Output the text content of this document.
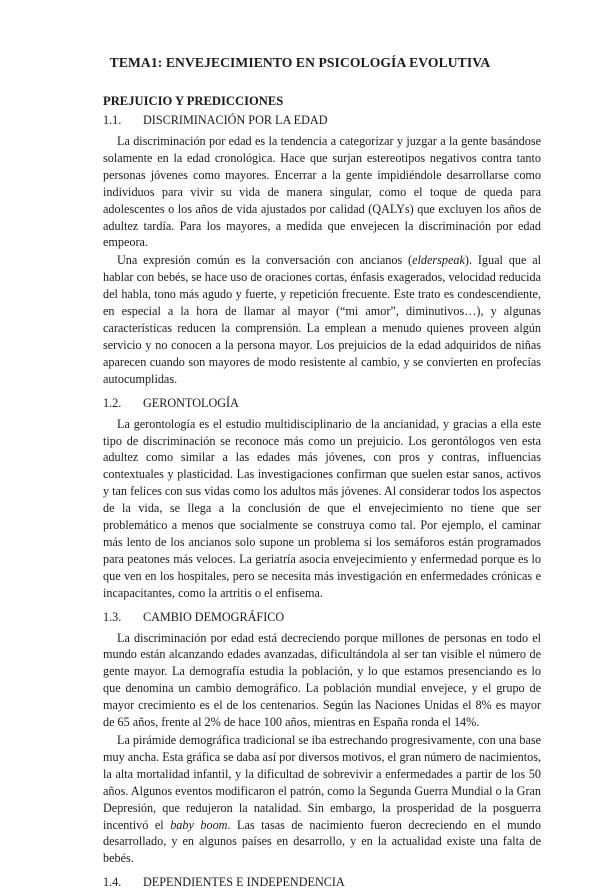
TEMA1: ENVEJECIMIENTO EN PSICOLOGÍA EVOLUTIVA
PREJUICIO Y PREDICCIONES
1.1. DISCRIMINACIÓN POR LA EDAD

La discriminación por edad es la tendencia a categorizar y juzgar a la gente basándose solamente en la edad cronológica. Hace que surjan estereotipos negativos contra tanto personas jóvenes como mayores. Encerrar a la gente impidiéndole desarrollarse como individuos para vivir su vida de manera singular, como el toque de queda para adolescentes o los años de vida ajustados por calidad (QALYs) que excluyen los años de adultez tardía. Para los mayores, a medida que envejecen la discriminación por edad empeora.

Una expresión común es la conversación con ancianos (elderspeak). Igual que al hablar con bebés, se hace uso de oraciones cortas, énfasis exagerados, velocidad reducida del habla, tono más agudo y fuerte, y repetición frecuente. Este trato es condescendiente, en especial a la hora de llamar al mayor (“mi amor”, diminutivos…), y algunas características reducen la comprensión. La emplean a menudo quienes proveen algún servicio y no conocen a la persona mayor. Los prejuicios de la edad adquiridos de niñas aparecen cuando son mayores de modo resistente al cambio, y se convierten en profecías autocumplidas.

1.2. GERONTOLOGÍA

La gerontología es el estudio multidisciplinario de la ancianidad, y gracias a ella este tipo de discriminación se reconoce más como un prejuicio. Los gerontólogos ven esta adultez como similar a las edades más jóvenes, con pros y contras, influencias contextuales y plasticidad. Las investigaciones confirman que suelen estar sanos, activos y tan felices con sus vidas como los adultos más jóvenes. Al considerar todos los aspectos de la vida, se llega a la conclusión de que el envejecimiento no tiene que ser problemático a menos que socialmente se construya como tal. Por ejemplo, el caminar más lento de los ancianos solo supone un problema si los semáforos están programados para peatones más veloces. La geriatría asocia envejecimiento y enfermedad porque es lo que ven en los hospitales, pero se necesita más investigación en enfermedades crónicas e incapacitantes, como la artritis o el enfisema.

1.3. CAMBIO DEMOGRÁFICO

La discriminación por edad está decreciendo porque millones de personas en todo el mundo están alcanzando edades avanzadas, dificultándola al ser tan visible el número de gente mayor. La demografía estudia la población, y lo que estamos presenciando es lo que denomina un cambio demográfico. La población mundial envejece, y el grupo de mayor crecimiento es el de los centenarios. Según las Naciones Unidas el 8% es mayor de 65 años, frente al 2% de hace 100 años, mientras en España ronda el 14%.

La pirámide demográfica tradicional se iba estrechando progresivamente, con una base muy ancha. Esta gráfica se daba así por diversos motivos, el gran número de nacimientos, la alta mortalidad infantil, y la dificultad de sobrevivir a enfermedades a partir de los 50 años. Algunos eventos modificaron el patrón, como la Segunda Guerra Mundial o la Gran Depresión, que redujeron la natalidad. Sin embargo, la prosperidad de la posguerra incentivó el baby boom. Las tasas de nacimiento fueron decreciendo en el mundo desarrollado, y en algunos países en desarrollo, y en la actualidad existe una falta de bebés.

1.4. DEPENDIENTES E INDEPENDENCIA
